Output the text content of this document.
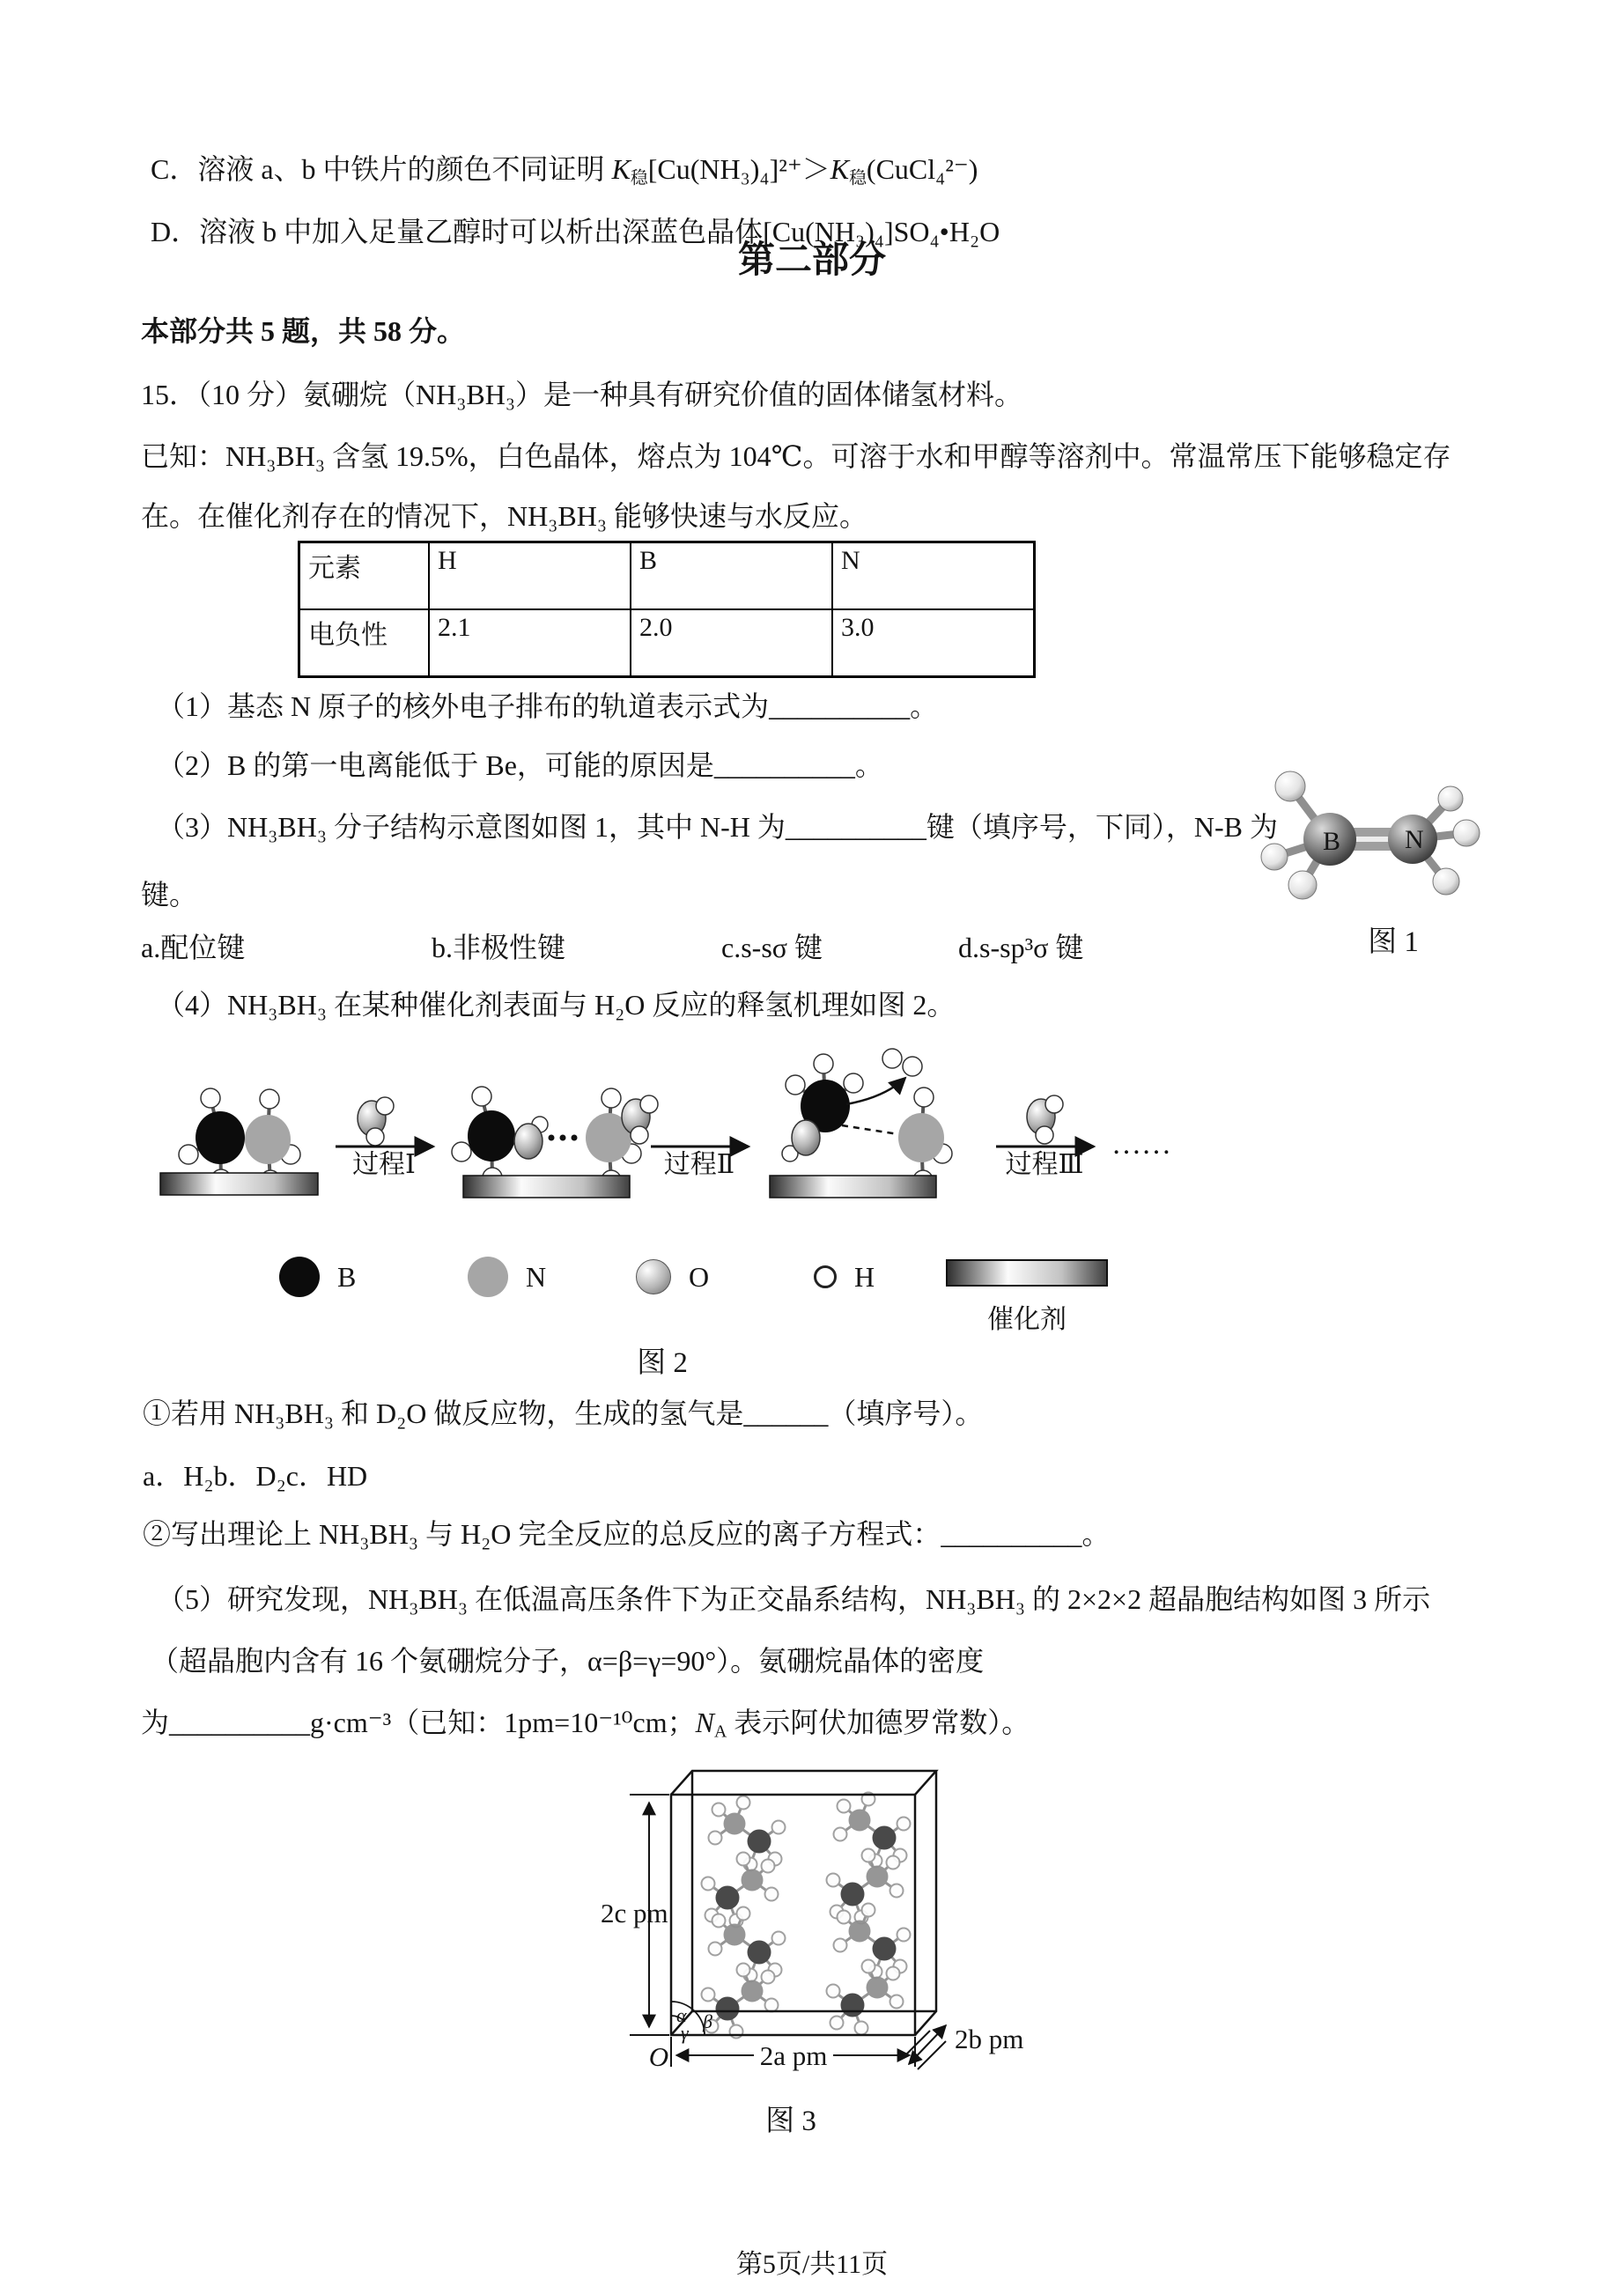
C．溶液 a、b 中铁片的颜色不同证明 K稳[Cu(NH₃)₄]²⁺＞K稳(CuCl₄²⁻)
D．溶液 b 中加入足量乙醇时可以析出深蓝色晶体[Cu(NH₃)₄]SO₄•H₂O
第二部分
本部分共 5 题，共 58 分。
15．（10 分）氨硼烷（NH₃BH₃）是一种具有研究价值的固体储氢材料。
已知：NH₃BH₃ 含氢 19.5%，白色晶体，熔点为 104℃。可溶于水和甲醇等溶剂中。常温常压下能够稳定存
在。在催化剂存在的情况下，NH₃BH₃ 能够快速与水反应。
元素	H	B	N
电负性	2.1	2.0	3.0
（1）基态 N 原子的核外电子排布的轨道表示式为__________。
（2）B 的第一电离能低于 Be，可能的原因是__________。
（3）NH₃BH₃ 分子结构示意图如图 1，其中 N-H 为__________键（填序号，下同），N-B 为
键。
a.配位键	b.非极性键	c.s-sσ 键	d.s-sp³σ 键
B N
图 1
（4）NH₃BH₃ 在某种催化剂表面与 H₂O 反应的释氢机理如图 2。
过程Ⅰ	过程Ⅱ	过程Ⅲ
……
B	N	O	H
催化剂
图 2
①若用 NH₃BH₃ 和 D₂O 做反应物，生成的氢气是______（填序号）。
a．H₂b．D₂c．HD
②写出理论上 NH₃BH₃ 与 H₂O 完全反应的总反应的离子方程式：__________。
（5）研究发现，NH₃BH₃ 在低温高压条件下为正交晶系结构，NH₃BH₃ 的 2×2×2 超晶胞结构如图 3 所示
（超晶胞内含有 16 个氨硼烷分子，α=β=γ=90°）。氨硼烷晶体的密度
为__________g·cm⁻³（已知：1pm=10⁻¹⁰cm；NA 表示阿伏加德罗常数）。
2c pm
O	2a pm
2b pm
α β
γ
图 3
第5页/共11页
